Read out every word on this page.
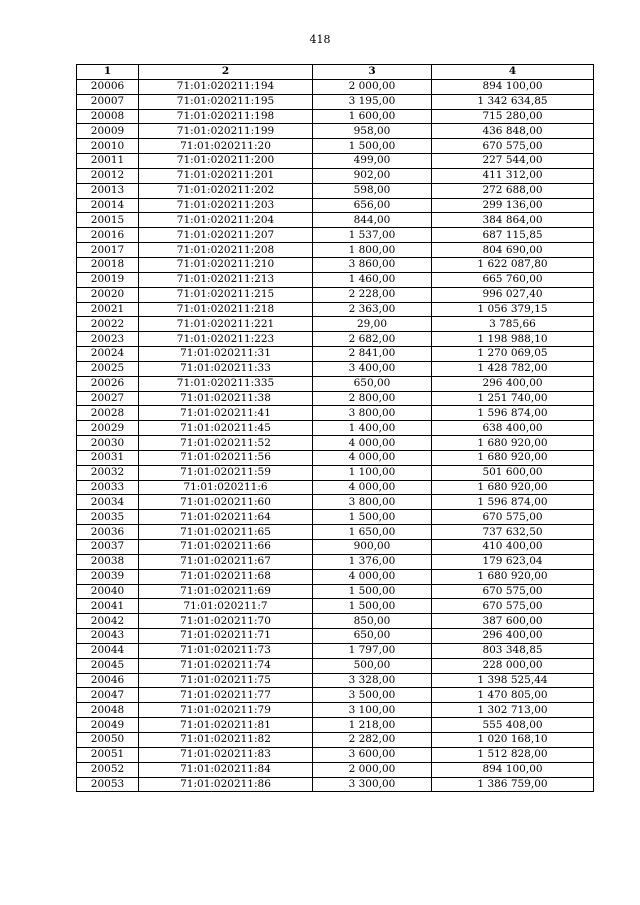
418
1	2	3	4
20006	71:01:020211:194	2 000,00	894 100,00
20007	71:01:020211:195	3 195,00	1 342 634,85
20008	71:01:020211:198	1 600,00	715 280,00
20009	71:01:020211:199	958,00	436 848,00
20010	71:01:020211:20	1 500,00	670 575,00
20011	71:01:020211:200	499,00	227 544,00
20012	71:01:020211:201	902,00	411 312,00
20013	71:01:020211:202	598,00	272 688,00
20014	71:01:020211:203	656,00	299 136,00
20015	71:01:020211:204	844,00	384 864,00
20016	71:01:020211:207	1 537,00	687 115,85
20017	71:01:020211:208	1 800,00	804 690,00
20018	71:01:020211:210	3 860,00	1 622 087,80
20019	71:01:020211:213	1 460,00	665 760,00
20020	71:01:020211:215	2 228,00	996 027,40
20021	71:01:020211:218	2 363,00	1 056 379,15
20022	71:01:020211:221	29,00	3 785,66
20023	71:01:020211:223	2 682,00	1 198 988,10
20024	71:01:020211:31	2 841,00	1 270 069,05
20025	71:01:020211:33	3 400,00	1 428 782,00
20026	71:01:020211:335	650,00	296 400,00
20027	71:01:020211:38	2 800,00	1 251 740,00
20028	71:01:020211:41	3 800,00	1 596 874,00
20029	71:01:020211:45	1 400,00	638 400,00
20030	71:01:020211:52	4 000,00	1 680 920,00
20031	71:01:020211:56	4 000,00	1 680 920,00
20032	71:01:020211:59	1 100,00	501 600,00
20033	71:01:020211:6	4 000,00	1 680 920,00
20034	71:01:020211:60	3 800,00	1 596 874,00
20035	71:01:020211:64	1 500,00	670 575,00
20036	71:01:020211:65	1 650,00	737 632,50
20037	71:01:020211:66	900,00	410 400,00
20038	71:01:020211:67	1 376,00	179 623,04
20039	71:01:020211:68	4 000,00	1 680 920,00
20040	71:01:020211:69	1 500,00	670 575,00
20041	71:01:020211:7	1 500,00	670 575,00
20042	71:01:020211:70	850,00	387 600,00
20043	71:01:020211:71	650,00	296 400,00
20044	71:01:020211:73	1 797,00	803 348,85
20045	71:01:020211:74	500,00	228 000,00
20046	71:01:020211:75	3 328,00	1 398 525,44
20047	71:01:020211:77	3 500,00	1 470 805,00
20048	71:01:020211:79	3 100,00	1 302 713,00
20049	71:01:020211:81	1 218,00	555 408,00
20050	71:01:020211:82	2 282,00	1 020 168,10
20051	71:01:020211:83	3 600,00	1 512 828,00
20052	71:01:020211:84	2 000,00	894 100,00
20053	71:01:020211:86	3 300,00	1 386 759,00
